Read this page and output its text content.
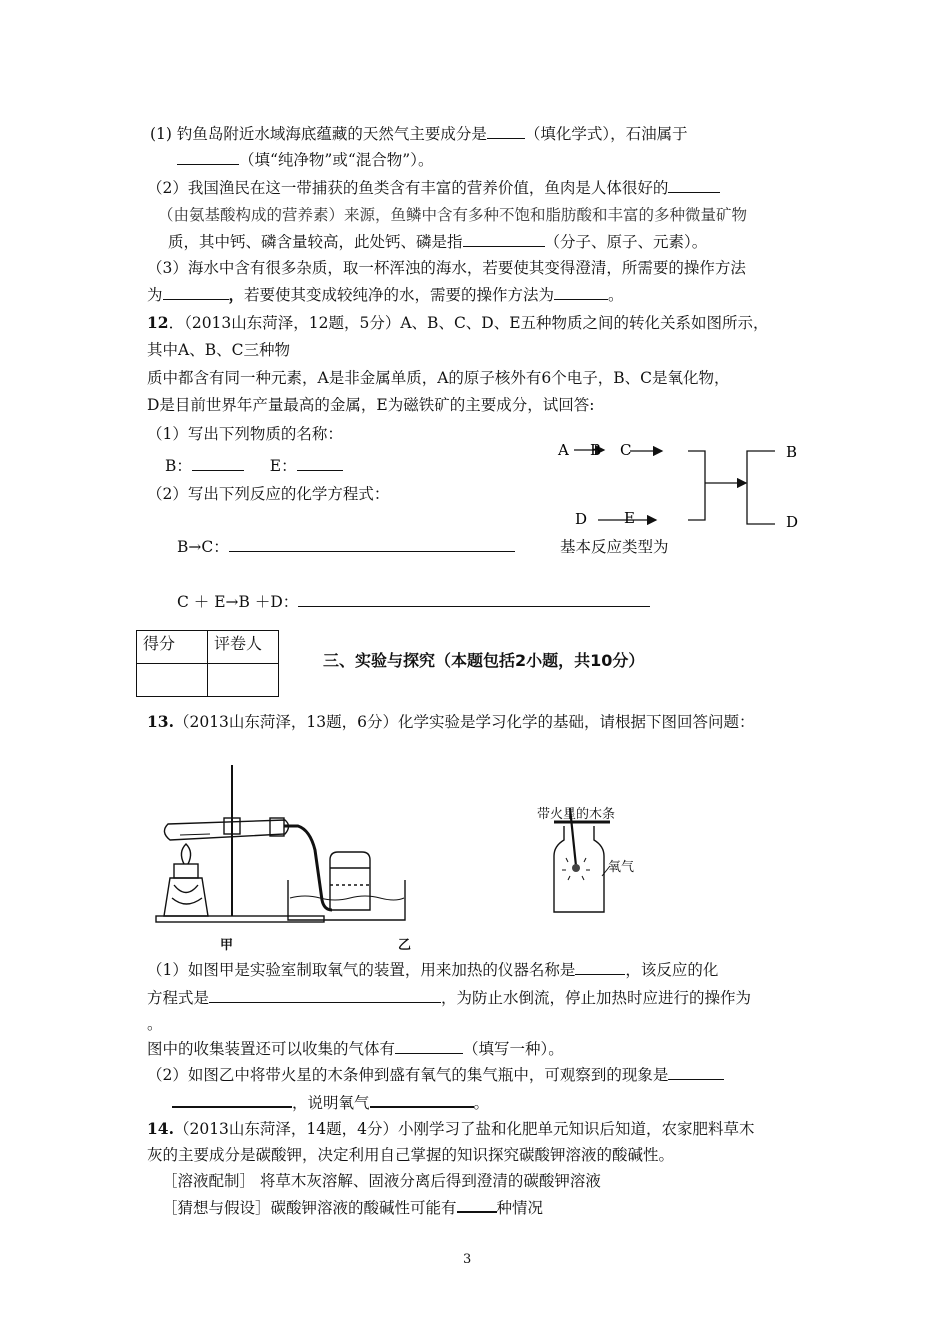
(1) 钓鱼岛附近水域海底蕴藏的天然气主要成分是 （填化学式），石油属于
（填“纯净物”或“混合物”）。
（2）我国渔民在这一带捕获的鱼类含有丰富的营养价值，鱼肉是人体很好的
（由氨基酸构成的营养素）来源，鱼鳞中含有多种不饱和脂肪酸和丰富的多种微量矿物
质，其中钙、磷含量较高，此处钙、磷是指	（分子、原子、元素）。
（3）海水中含有很多杂质，取一杯浑浊的海水，若要使其变得澄清，所需要的操作方法
为	，若要使其变成较纯净的水，需要的操作方法为	。
12．（2013山东菏泽，12题，5分）A、B、C、D、E五种物质之间的转化关系如图所示，
其中A、B、C三种物
质中都含有同一种元素，A是非金属单质，A的原子核外有6个电子，B、C是氧化物，
D是目前世界年产量最高的金属，E为磁铁矿的主要成分，试回答:
（1）写出下列物质的名称：
B：	E：
（2）写出下列反应的化学方程式：
B→C：	基本反应类型为
C ＋ E→B ＋D：
A B C
D E
B
D
得分	评卷人

三、实验与探究（本题包括2小题，共10分）
13.（2013山东菏泽，13题，6分）化学实验是学习化学的基础，请根据下图回答问题：
甲	乙
带火星的木条
氧气
（1）如图甲是实验室制取氧气的装置，用来加热的仪器名称是	，该反应的化
方程式是	，为防止水倒流，停止加热时应进行的操作为
。
图中的收集装置还可以收集的气体有	（填写一种）。
（2）如图乙中将带火星的木条伸到盛有氧气的集气瓶中，可观察到的现象是
，说明氧气	。
14.（2013山东菏泽，14题，4分）小刚学习了盐和化肥单元知识后知道，农家肥料草木
灰的主要成分是碳酸钾，决定利用自己掌握的知识探究碳酸钾溶液的酸碱性。
［溶液配制］ 将草木灰溶解、固液分离后得到澄清的碳酸钾溶液
［猜想与假设］碳酸钾溶液的酸碱性可能有	种情况
3
